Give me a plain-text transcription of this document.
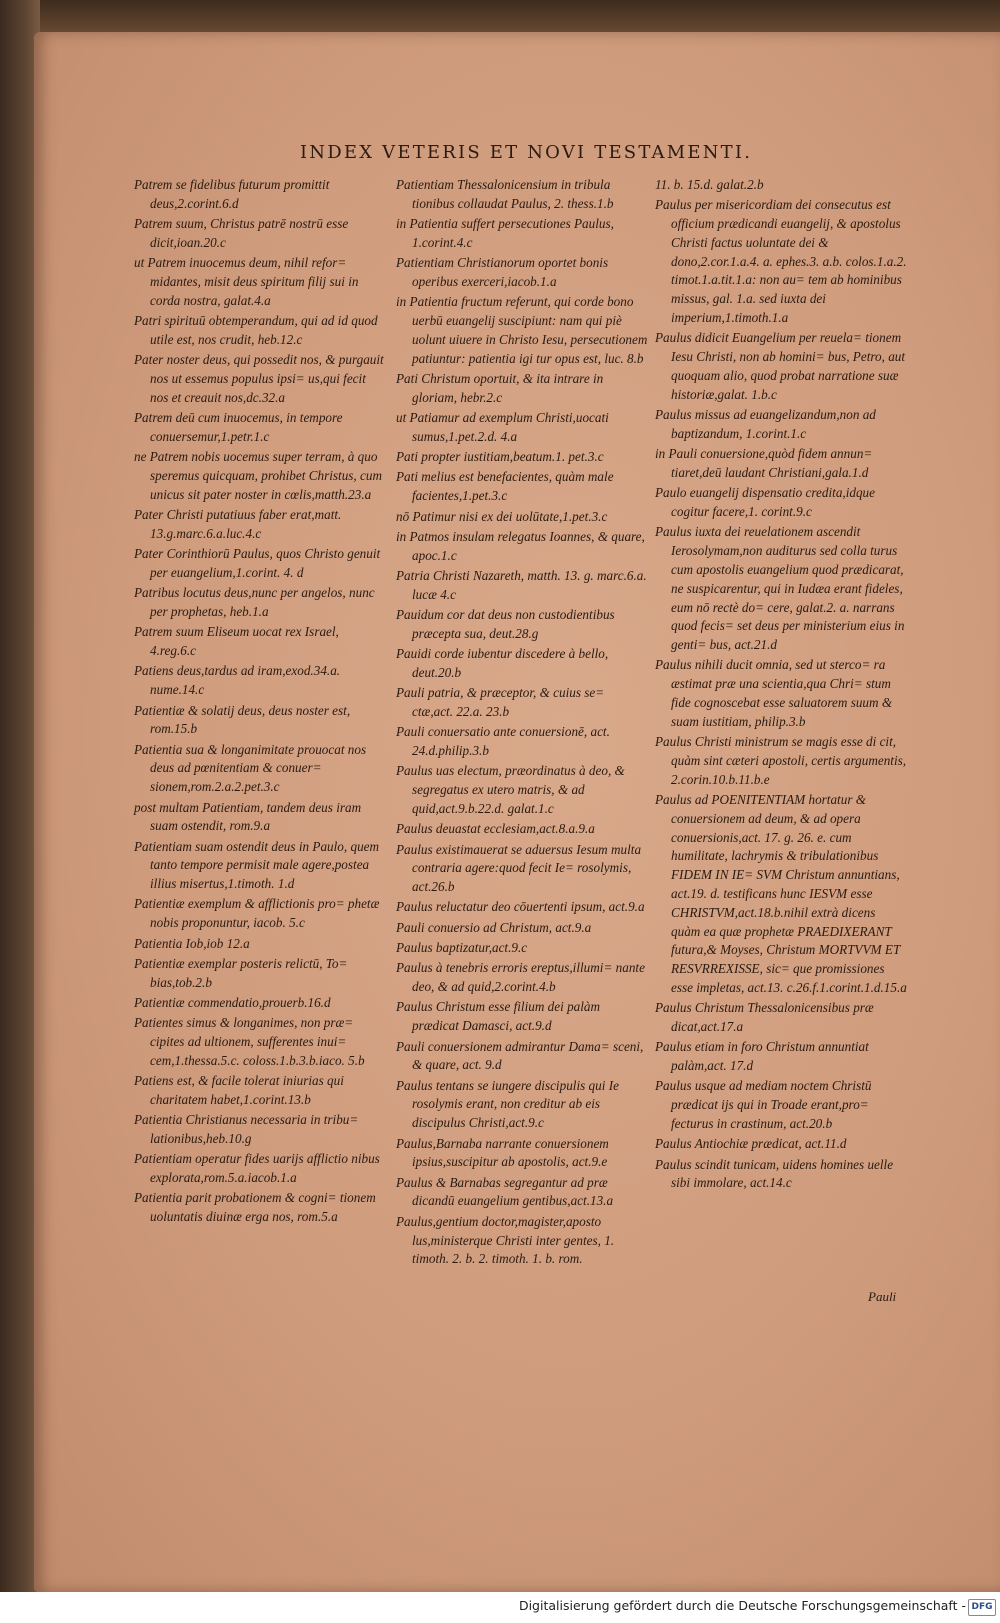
INDEX VETERIS ET NOVI TESTAMENTI.
Patrem se fidelibus futurum promittit deus,2.corint.6.d
Patrem suum, Christus patrē nostrū esse dicit,ioan.20.c
ut Patrem inuocemus deum, nihil refor= midantes, misit deus spiritum filij sui in corda nostra, galat.4.a
Patri spirituū obtemperandum, qui ad id quod utile est, nos crudit, heb.12.c
Pater noster deus, qui possedit nos, & purgauit nos ut essemus populus ipsi= us,qui fecit nos et creauit nos,dc.32.a
Patrem deū cum inuocemus, in tempore conuersemur,1.petr.1.c
ne Patrem nobis uocemus super terram, à quo speremus quicquam, prohibet Christus, cum unicus sit pater noster in cœlis,matth.23.a
Pater Christi putatiuus faber erat,matt. 13.g.marc.6.a.luc.4.c
Pater Corinthiorū Paulus, quos Christo genuit per euangelium,1.corint. 4. d
Patribus locutus deus,nunc per angelos, nunc per prophetas, heb.1.a
Patrem suum Eliseum uocat rex Israel, 4.reg.6.c
Patiens deus,tardus ad iram,exod.34.a. nume.14.c
Patientiæ & solatij deus, deus noster est, rom.15.b
Patientia sua & longanimitate prouocat nos deus ad pœnitentiam & conuer= sionem,rom.2.a.2.pet.3.c
post multam Patientiam, tandem deus iram suam ostendit, rom.9.a
Patientiam suam ostendit deus in Paulo, quem tanto tempore permisit male agere,postea illius misertus,1.timoth. 1.d
Patientiæ exemplum & afflictionis pro= phetæ nobis proponuntur, iacob. 5.c
Patientia Iob,iob 12.a
Patientiæ exemplar posteris relictū, To= bias,tob.2.b
Patientiæ commendatio,prouerb.16.d
Patientes simus & longanimes, non præ= cipites ad ultionem, sufferentes inui= cem,1.thessa.5.c. coloss.1.b.3.b.iaco. 5.b
Patiens est, & facile tolerat iniurias qui charitatem habet,1.corint.13.b
Patientia Christianus necessaria in tribu= lationibus,heb.10.g
Patientiam operatur fides uarijs afflictio nibus explorata,rom.5.a.iacob.1.a
Patientia parit probationem & cogni= tionem uoluntatis diuinæ erga nos, rom.5.a
Patientiam Thessalonicensium in tribula tionibus collaudat Paulus, 2. thess.1.b
in Patientia suffert persecutiones Paulus, 1.corint.4.c
Patientiam Christianorum oportet bonis operibus exerceri,iacob.1.a
in Patientia fructum referunt, qui corde bono uerbū euangelij suscipiunt: nam qui piè uolunt uiuere in Christo Iesu, persecutionem patiuntur: patientia igi tur opus est, luc. 8.b
Pati Christum oportuit, & ita intrare in gloriam, hebr.2.c
ut Patiamur ad exemplum Christi,uocati sumus,1.pet.2.d. 4.a
Pati propter iustitiam,beatum.1. pet.3.c
Pati melius est benefacientes, quàm male facientes,1.pet.3.c
nō Patimur nisi ex dei uolūtate,1.pet.3.c
in Patmos insulam relegatus Ioannes, & quare, apoc.1.c
Patria Christi Nazareth, matth. 13. g. marc.6.a. lucæ 4.c
Pauidum cor dat deus non custodientibus præcepta sua, deut.28.g
Pauidi corde iubentur discedere à bello, deut.20.b
Pauli patria, & præceptor, & cuius se= ctæ,act. 22.a. 23.b
Pauli conuersatio ante conuersionē, act. 24.d.philip.3.b
Paulus uas electum, præordinatus à deo, & segregatus ex utero matris, & ad quid,act.9.b.22.d. galat.1.c
Paulus deuastat ecclesiam,act.8.a.9.a
Paulus existimauerat se aduersus Iesum multa contraria agere:quod fecit Ie= rosolymis, act.26.b
Paulus reluctatur deo cōuertenti ipsum, act.9.a
Pauli conuersio ad Christum, act.9.a
Paulus baptizatur,act.9.c
Paulus à tenebris erroris ereptus,illumi= nante deo, & ad quid,2.corint.4.b
Paulus Christum esse filium dei palàm prædicat Damasci, act.9.d
Pauli conuersionem admirantur Dama= sceni, & quare, act. 9.d
Paulus tentans se iungere discipulis qui Ie rosolymis erant, non creditur ab eis discipulus Christi,act.9.c
Paulus,Barnaba narrante conuersionem ipsius,suscipitur ab apostolis, act.9.e
Paulus & Barnabas segregantur ad præ dicandū euangelium gentibus,act.13.a
Paulus,gentium doctor,magister,aposto lus,ministerque Christi inter gentes, 1. timoth. 2. b. 2. timoth. 1. b. rom.
11. b. 15.d. galat.2.b
Paulus per misericordiam dei consecutus est officium prædicandi euangelij, & apostolus Christi factus uoluntate dei & dono,2.cor.1.a.4. a. ephes.3. a.b. colos.1.a.2. timot.1.a.tit.1.a: non au= tem ab hominibus missus, gal. 1.a. sed iuxta dei imperium,1.timoth.1.a
Paulus didicit Euangelium per reuela= tionem Iesu Christi, non ab homini= bus, Petro, aut quoquam alio, quod probat narratione suæ historiæ,galat. 1.b.c
Paulus missus ad euangelizandum,non ad baptizandum, 1.corint.1.c
in Pauli conuersione,quòd fidem annun= tiaret,deū laudant Christiani,gala.1.d
Paulo euangelij dispensatio credita,idque cogitur facere,1. corint.9.c
Paulus iuxta dei reuelationem ascendit Ierosolymam,non auditurus sed colla turus cum apostolis euangelium quod prædicarat, ne suspicarentur, qui in Iudæa erant fideles, eum nō rectè do= cere, galat.2. a. narrans quod fecis= set deus per ministerium eius in genti= bus, act.21.d
Paulus nihili ducit omnia, sed ut sterco= ra æstimat præ una scientia,qua Chri= stum fide cognoscebat esse saluatorem suum & suam iustitiam, philip.3.b
Paulus Christi ministrum se magis esse di cit, quàm sint cæteri apostoli, certis argumentis, 2.corin.10.b.11.b.e
Paulus ad POENITENTIAM hortatur & conuersionem ad deum, & ad opera conuersionis,act. 17. g. 26. e. cum humilitate, lachrymis & tribulationibus FIDEM IN IE= SVM Christum annuntians, act.19. d. testificans hunc IESVM esse CHRISTVM,act.18.b.nihil extrà dicens quàm ea quæ prophetæ PRAEDIXERANT futura,& Moyses, Christum MORTVVM ET RESVRREXISSE, sic= que promissiones esse impletas, act.13. c.26.f.1.corint.1.d.15.a
Paulus Christum Thessalonicensibus præ dicat,act.17.a
Paulus etiam in foro Christum annuntiat palàm,act. 17.d
Paulus usque ad mediam noctem Christū prædicat ijs qui in Troade erant,pro= fecturus in crastinum, act.20.b
Paulus Antiochiæ prædicat, act.11.d
Paulus scindit tunicam, uidens homines uelle sibi immolare, act.14.c
Pauli
Digitalisierung gefördert durch die Deutsche Forschungsgemeinschaft - DFG
